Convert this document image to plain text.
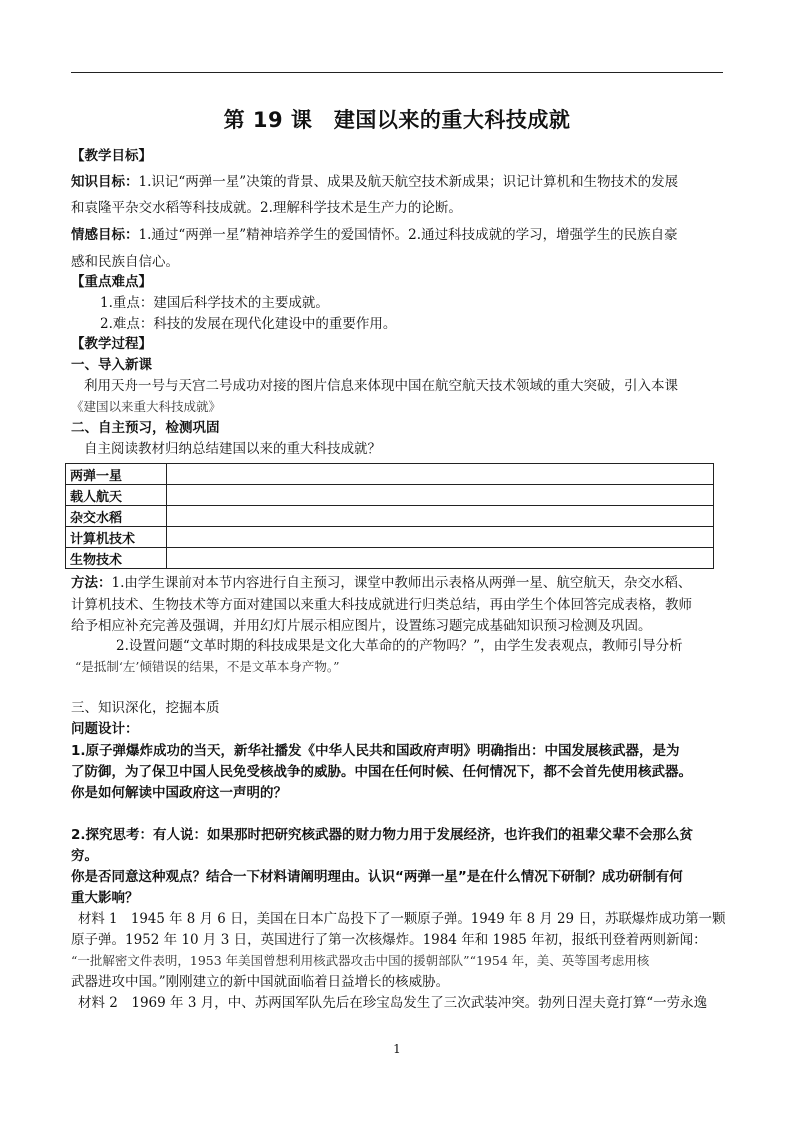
第 19 课　建国以来的重大科技成就
【教学目标】
知识目标：1.识记“两弹一星”决策的背景、成果及航天航空技术新成果；识记计算机和生物技术的发展
和袁隆平杂交水稻等科技成就。2.理解科学技术是生产力的论断。
情感目标：1.通过“两弹一星”精神培养学生的爱国情怀。2.通过科技成就的学习，增强学生的民族自豪
感和民族自信心。
【重点难点】
1.重点：建国后科学技术的主要成就。
2.难点：科技的发展在现代化建设中的重要作用。
【教学过程】
一、导入新课
利用天舟一号与天宫二号成功对接的图片信息来体现中国在航空航天技术领域的重大突破，引入本课
《建国以来重大科技成就》
二、自主预习，检测巩固
自主阅读教材归纳总结建国以来的重大科技成就？
两弹一星	
载人航天	
杂交水稻	
计算机技术	
生物技术	
方法：1.由学生课前对本节内容进行自主预习，课堂中教师出示表格从两弹一星、航空航天，杂交水稻、
计算机技术、生物技术等方面对建国以来重大科技成就进行归类总结，再由学生个体回答完成表格，教师
给予相应补充完善及强调，并用幻灯片展示相应图片，设置练习题完成基础知识预习检测及巩固。
2.设置问题“文革时期的科技成果是文化大革命的的产物吗？”，由学生发表观点，教师引导分析
“是抵制‘左’倾错误的结果，不是文革本身产物。”
三、知识深化，挖掘本质
问题设计：
1.原子弹爆炸成功的当天，新华社播发《中华人民共和国政府声明》明确指出：中国发展核武器，是为
了防御，为了保卫中国人民免受核战争的威胁。中国在任何时候、任何情况下，都不会首先使用核武器。
你是如何解读中国政府这一声明的？
2.探究思考：有人说：如果那时把研究核武器的财力物力用于发展经济，也许我们的祖辈父辈不会那么贫
穷。
你是否同意这种观点？结合一下材料请阐明理由。认识“两弹一星”是在什么情况下研制？成功研制有何
重大影响？
材料 1　1945 年 8 月 6 日，美国在日本广岛投下了一颗原子弹。1949 年 8 月 29 日，苏联爆炸成功第一颗
原子弹。1952 年 10 月 3 日，英国进行了第一次核爆炸。1984 年和 1985 年初，报纸刊登着两则新闻：
“一批解密文件表明，1953 年美国曾想利用核武器攻击中国的援朝部队”“1954 年，美、英等国考虑用核
武器进攻中国。”刚刚建立的新中国就面临着日益增长的核威胁。
材料 2　1969 年 3 月，中、苏两国军队先后在珍宝岛发生了三次武装冲突。勃列日涅夫竟打算“一劳永逸
1
